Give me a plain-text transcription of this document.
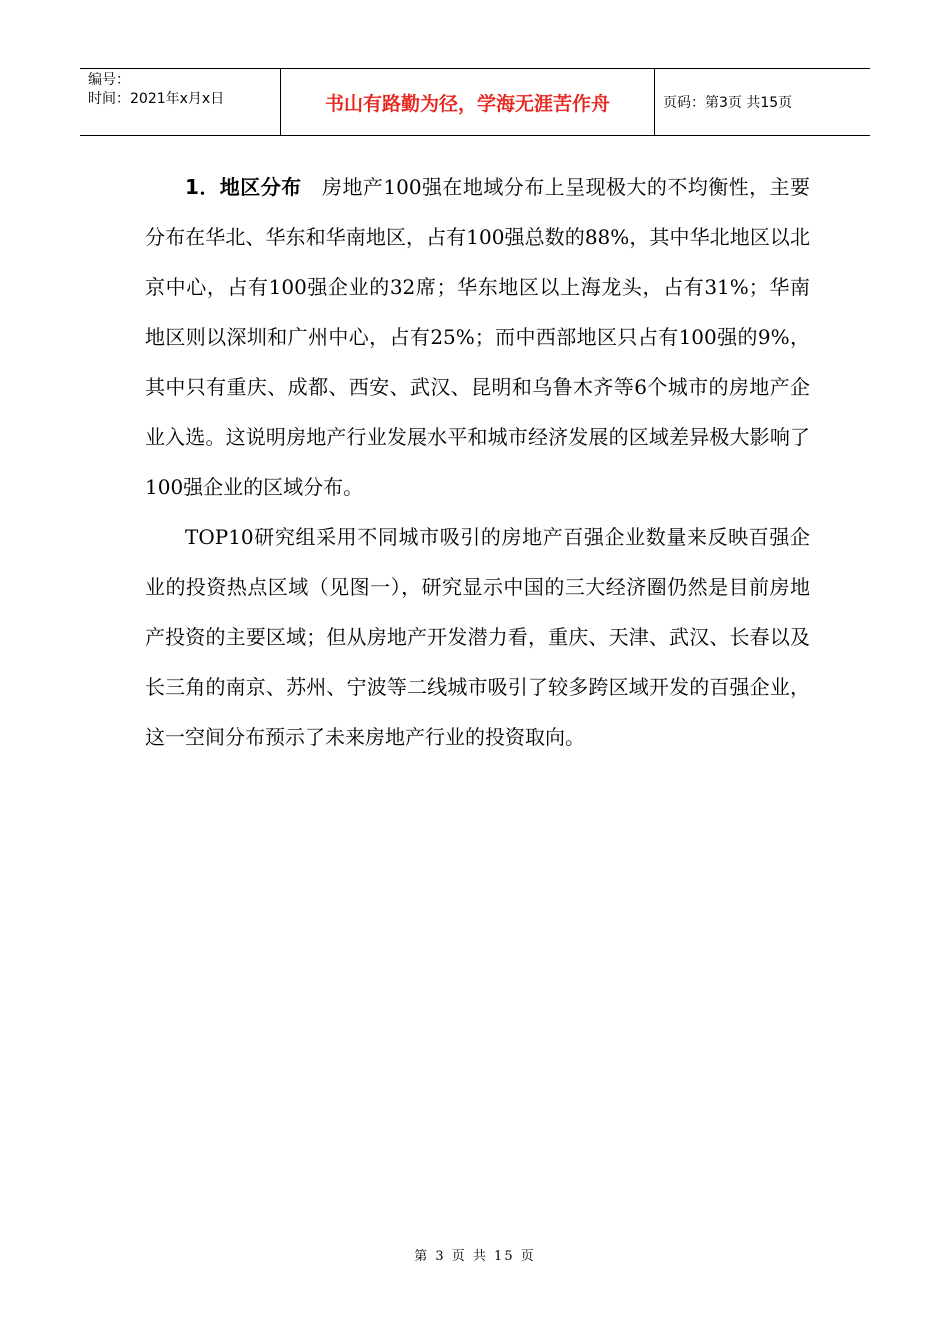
编号：
时间：2021年x月x日	书山有路勤为径，学海无涯苦作舟	页码：第3页 共15页

1．地区分布 房地产100强在地域分布上呈现极大的不均衡性，主要分布在华北、华东和华南地区，占有100强总数的88%，其中华北地区以北京中心，占有100强企业的32席；华东地区以上海龙头，占有31%；华南地区则以深圳和广州中心，占有25%；而中西部地区只占有100强的9%，其中只有重庆、成都、西安、武汉、昆明和乌鲁木齐等6个城市的房地产企业入选。这说明房地产行业发展水平和城市经济发展的区域差异极大影响了100强企业的区域分布。

TOP10研究组采用不同城市吸引的房地产百强企业数量来反映百强企业的投资热点区域（见图一），研究显示中国的三大经济圈仍然是目前房地产投资的主要区域；但从房地产开发潜力看，重庆、天津、武汉、长春以及长三角的南京、苏州、宁波等二线城市吸引了较多跨区域开发的百强企业，这一空间分布预示了未来房地产行业的投资取向。

第 3 页 共 15 页
